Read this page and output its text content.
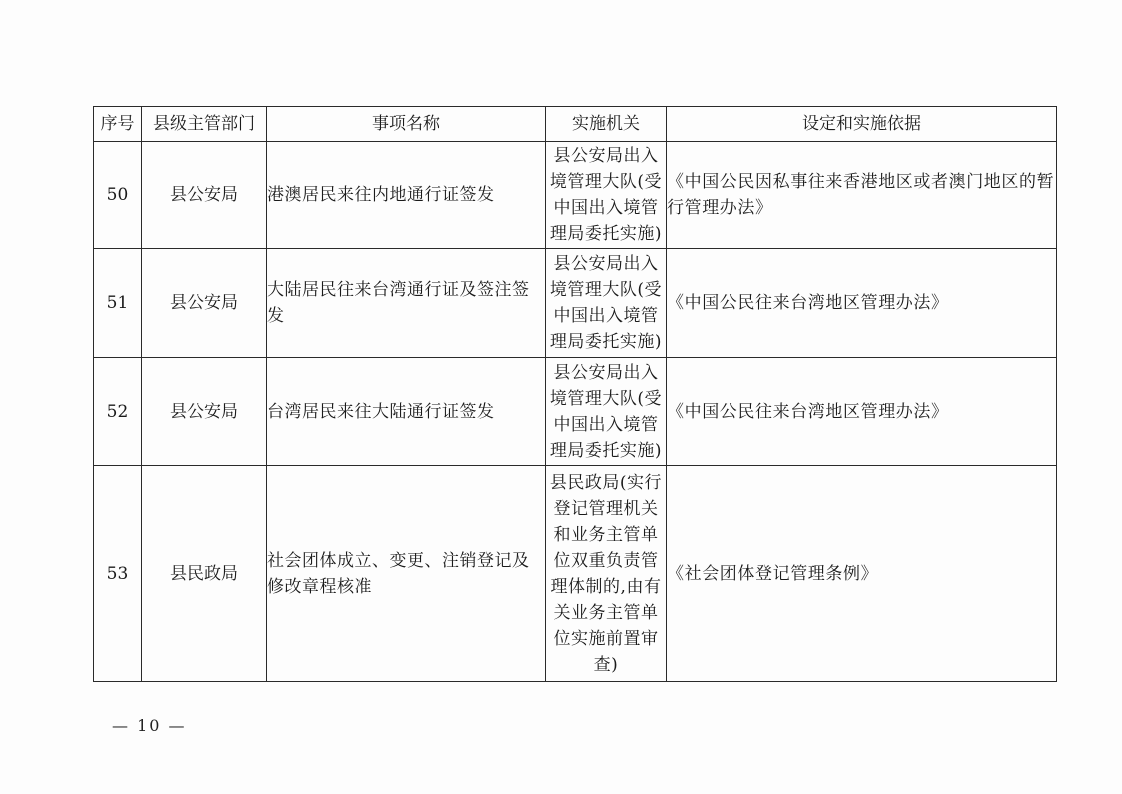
序号	县级主管部门	事项名称	实施机关	设定和实施依据
50	县公安局	港澳居民来往内地通行证签发	县公安局出入境管理大队(受中国出入境管理局委托实施)	《中国公民因私事往来香港地区或者澳门地区的暂行管理办法》
51	县公安局	大陆居民往来台湾通行证及签注签发	县公安局出入境管理大队(受中国出入境管理局委托实施)	《中国公民往来台湾地区管理办法》
52	县公安局	台湾居民来往大陆通行证签发	县公安局出入境管理大队(受中国出入境管理局委托实施)	《中国公民往来台湾地区管理办法》
53	县民政局	社会团体成立、变更、注销登记及修改章程核准	县民政局(实行登记管理机关和业务主管单位双重负责管理体制的,由有关业务主管单位实施前置审查)	《社会团体登记管理条例》
— 10 —
